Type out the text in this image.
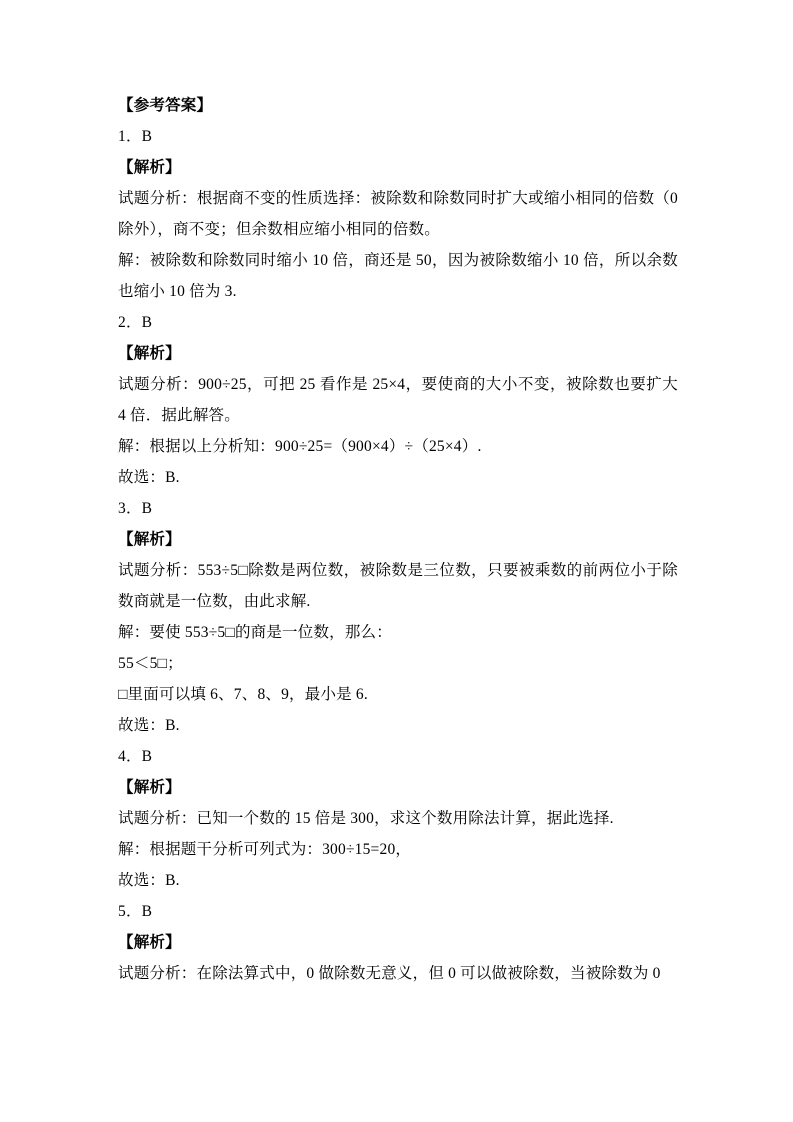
【参考答案】
1．B
【解析】
试题分析：根据商不变的性质选择：被除数和除数同时扩大或缩小相同的倍数（0除外），商不变；但余数相应缩小相同的倍数。
解：被除数和除数同时缩小 10 倍，商还是 50，因为被除数缩小 10 倍，所以余数也缩小 10 倍为 3.
2．B
【解析】
试题分析：900÷25，可把 25 看作是 25×4，要使商的大小不变，被除数也要扩大 4 倍．据此解答。
解：根据以上分析知：900÷25=（900×4）÷（25×4）.
故选：B.
3．B
【解析】
试题分析：553÷5□除数是两位数，被除数是三位数，只要被乘数的前两位小于除数商就是一位数，由此求解.
解：要使 553÷5□的商是一位数，那么：
55＜5□；
□里面可以填 6、7、8、9，最小是 6.
故选：B.
4．B
【解析】
试题分析：已知一个数的 15 倍是 300，求这个数用除法计算，据此选择.
解：根据题干分析可列式为：300÷15=20，
故选：B.
5．B
【解析】
试题分析：在除法算式中，0 做除数无意义，但 0 可以做被除数，当被除数为 0
